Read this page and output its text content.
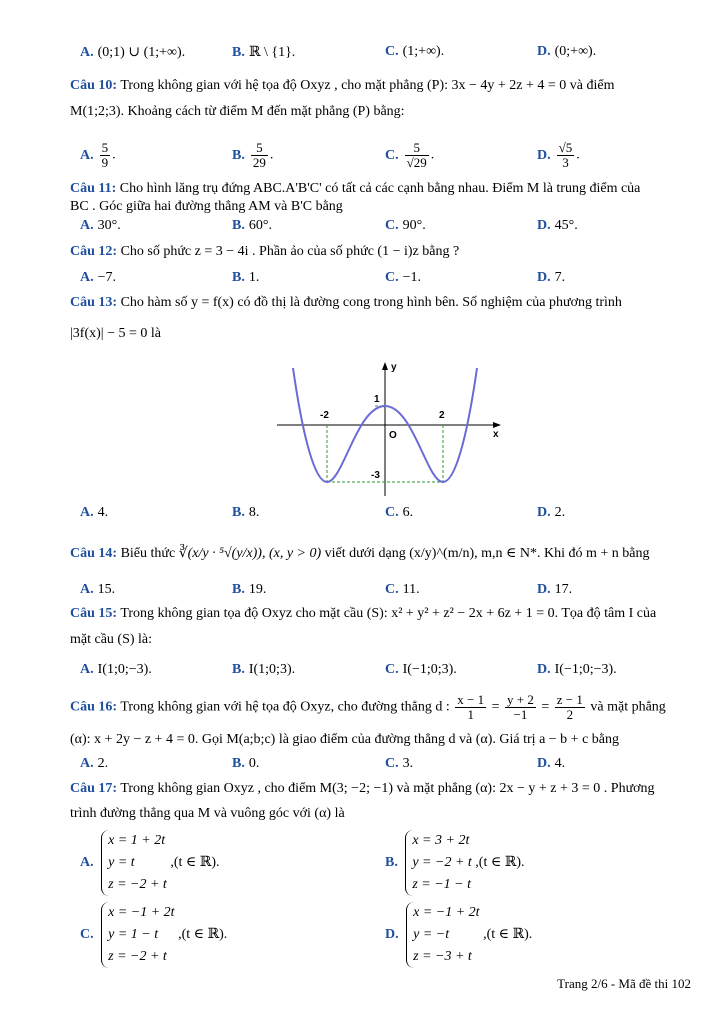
A. (0;1) ∪ (1;+∞).	B. ℝ \ {1}.	C. (1;+∞).	D. (0;+∞).
Câu 10: Trong không gian với hệ tọa độ Oxyz , cho mặt phẳng (P): 3x − 4y + 2z + 4 = 0 và điểm
M(1;2;3). Khoảng cách từ điểm M đến mặt phẳng (P) bằng:
A. $\frac{5}{9}$ .	B. $\frac{5}{29}$ .	C. $\frac{5}{√29}$ .	D. $\frac{√5}{3}$ .
Câu 11: Cho hình lăng trụ đứng ABC.A'B'C' có tất cả các cạnh bằng nhau. Điểm M là trung điểm của
BC . Góc giữa hai đường thẳng AM và B'C bằng
A. 30°.	B. 60°.	C. 90°.	D. 45°.
Câu 12: Cho số phức z = 3 − 4i . Phần ảo của số phức (1 − i)z bằng ?
A. −7.	B. 1.	C. −1.	D. 7.
Câu 13: Cho hàm số y = f(x) có đồ thị là đường cong trong hình bên. Số nghiệm của phương trình
|3f(x)| − 5 = 0 là
y
x
O
-2	2
1
-3
A. 4.	B. 8.	C. 6.	D. 2.
Câu 14: Biểu thức ∛(x/y · ⁵√(y/x)), (x, y > 0) viết dưới dạng (x/y)^(m/n), m,n ∈ N*. Khi đó m + n bằng
A. 15.	B. 19.	C. 11.	D. 17.
Câu 15: Trong không gian tọa độ Oxyz cho mặt cầu (S): x² + y² + z² − 2x + 6z + 1 = 0. Tọa độ tâm I của
mặt cầu (S) là:
A. I(1;0;−3).	B. I(1;0;3).	C. I(−1;0;3).	D. I(−1;0;−3).
Câu 16: Trong không gian với hệ tọa độ Oxyz, cho đường thẳng d : $\frac{x - 1}{1} = \frac{y + 2}{-1} = \frac{z - 1}{2}$ và mặt phẳng
(α): x + 2y − z + 4 = 0. Gọi M(a;b;c) là giao điểm của đường thẳng d và (α). Giá trị a − b + c bằng
A. 2.	B. 0.	C. 3.	D. 4.
Câu 17: Trong không gian Oxyz , cho điểm M(3; −2; −1) và mặt phẳng (α): 2x − y + z + 3 = 0 . Phương
trình đường thẳng qua M và vuông góc với (α) là
A. x = 1 + 2t
y = t
z = −2 + t ,(t ∈ ℝ).	B. x = 3 + 2t
y = −2 + t
z = −1 − t ,(t ∈ ℝ).
C. x = −1 + 2t
y = 1 − t
z = −2 + t ,(t ∈ ℝ).	D. x = −1 + 2t
y = −t
z = −3 + t ,(t ∈ ℝ).
Trang 2/6 - Mã đề thi 102
